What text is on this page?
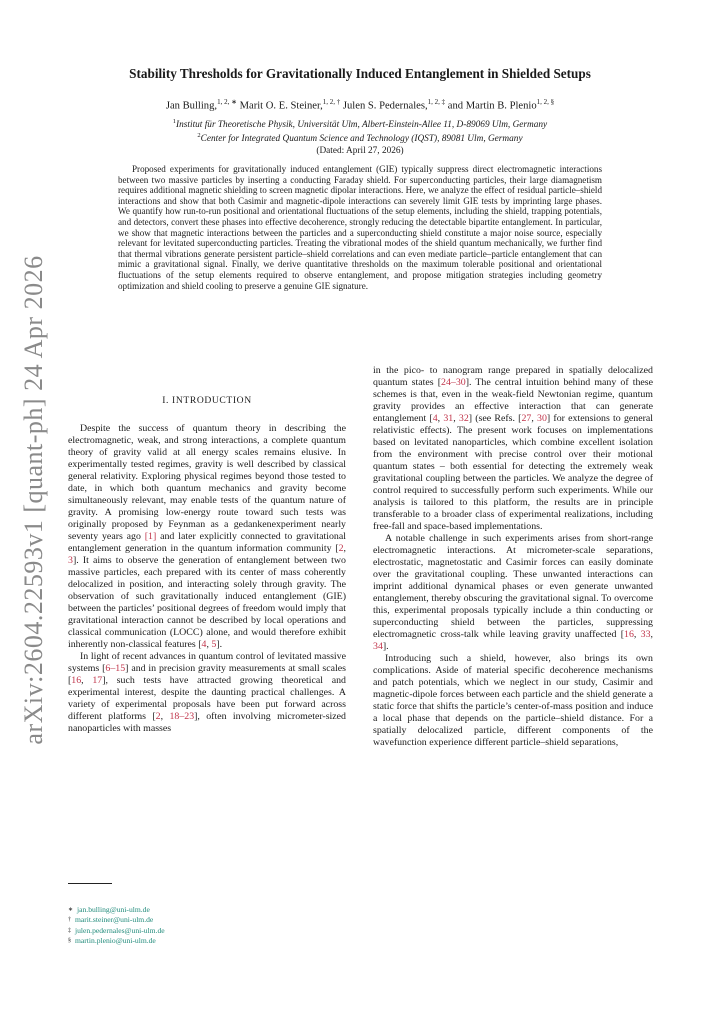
arXiv:2604.22593v1 [quant-ph] 24 Apr 2026
Stability Thresholds for Gravitationally Induced Entanglement in Shielded Setups
Jan Bulling,$^{1, 2, ∗}$ Marit O. E. Steiner,$^{1, 2, \dagger}$ Julen S. Pedernales,$^{1, 2, \ddagger}$ and Martin B. Plenio$^{1, 2, \S}$
$^1$Institut für Theoretische Physik, Universität Ulm, Albert-Einstein-Allee 11, D-89069 Ulm, Germany
$^2$Center for Integrated Quantum Science and Technology (IQST), 89081 Ulm, Germany
(Dated: April 27, 2026)

Proposed experiments for gravitationally induced entanglement (GIE) typically suppress direct electromagnetic interactions between two massive particles by inserting a conducting Faraday shield. For superconducting particles, their large diamagnetism requires additional magnetic shielding to screen magnetic dipolar interactions. Here, we analyze the effect of residual particle–shield interactions and show that both Casimir and magnetic-dipole interactions can severely limit GIE tests by imprinting large phases. We quantify how run-to-run positional and orientational fluctuations of the setup elements, including the shield, trapping potentials, and detectors, convert these phases into effective decoherence, strongly reducing the detectable bipartite entanglement. In particular, we show that magnetic interactions between the particles and a superconducting shield constitute a major noise source, especially relevant for levitated superconducting particles. Treating the vibrational modes of the shield quantum mechanically, we further find that thermal vibrations generate persistent particle–shield correlations and can even mediate particle–particle entanglement that can mimic a gravitational signal. Finally, we derive quantitative thresholds on the maximum tolerable positional and orientational fluctuations of the setup elements required to observe entanglement, and propose mitigation strategies including geometry optimization and shield cooling to preserve a genuine GIE signature.

I. INTRODUCTION

Despite the success of quantum theory in describing the electromagnetic, weak, and strong interactions, a complete quantum theory of gravity valid at all energy scales remains elusive. In experimentally tested regimes, gravity is well described by classical general relativity. Exploring physical regimes beyond those tested to date, in which both quantum mechanics and gravity become simultaneously relevant, may enable tests of the quantum nature of gravity. A promising low-energy route toward such tests was originally proposed by Feynman as a gedankenexperiment nearly seventy years ago [1] and later explicitly connected to gravitational entanglement generation in the quantum information community [2, 3]. It aims to observe the generation of entanglement between two massive particles, each prepared with its center of mass coherently delocalized in position, and interacting solely through gravity. The observation of such gravitationally induced entanglement (GIE) between the particles’ positional degrees of freedom would imply that gravitational interaction cannot be described by local operations and classical communication (LOCC) alone, and would therefore exhibit inherently non-classical features [4, 5].

In light of recent advances in quantum control of levitated massive systems [6–15] and in precision gravity measurements at small scales [16, 17], such tests have attracted growing theoretical and experimental interest, despite the daunting practical challenges. A variety of experimental proposals have been put forward across different platforms [2, 18–23], often involving micrometer-sized nanoparticles with masses

in the pico- to nanogram range prepared in spatially delocalized quantum states [24–30]. The central intuition behind many of these schemes is that, even in the weak-field Newtonian regime, quantum gravity provides an effective interaction that can generate entanglement [4, 31, 32] (see Refs. [27, 30] for extensions to general relativistic effects). The present work focuses on implementations based on levitated nanoparticles, which combine excellent isolation from the environment with precise control over their motional quantum states – both essential for detecting the extremely weak gravitational coupling between the particles. We analyze the degree of control required to successfully perform such experiments. While our analysis is tailored to this platform, the results are in principle transferable to a broader class of experimental realizations, including free-fall and space-based implementations.

A notable challenge in such experiments arises from short-range electromagnetic interactions. At micrometer-scale separations, electrostatic, magnetostatic and Casimir forces can easily dominate over the gravitational coupling. These unwanted interactions can imprint additional dynamical phases or even generate unwanted entanglement, thereby obscuring the gravitational signal. To overcome this, experimental proposals typically include a thin conducting or superconducting shield between the particles, suppressing electromagnetic cross-talk while leaving gravity unaffected [16, 33, 34].

Introducing such a shield, however, also brings its own complications. Aside of material specific decoherence mechanisms and patch potentials, which we neglect in our study, Casimir and magnetic-dipole forces between each particle and the shield generate a static force that shifts the particle’s center-of-mass position and induce a local phase that depends on the particle–shield distance. For a spatially delocalized particle, different components of the wavefunction experience different particle–shield separations,

∗ jan.bulling@uni-ulm.de
† marit.steiner@uni-ulm.de
‡ julen.pedernales@uni-ulm.de
§ martin.plenio@uni-ulm.de
